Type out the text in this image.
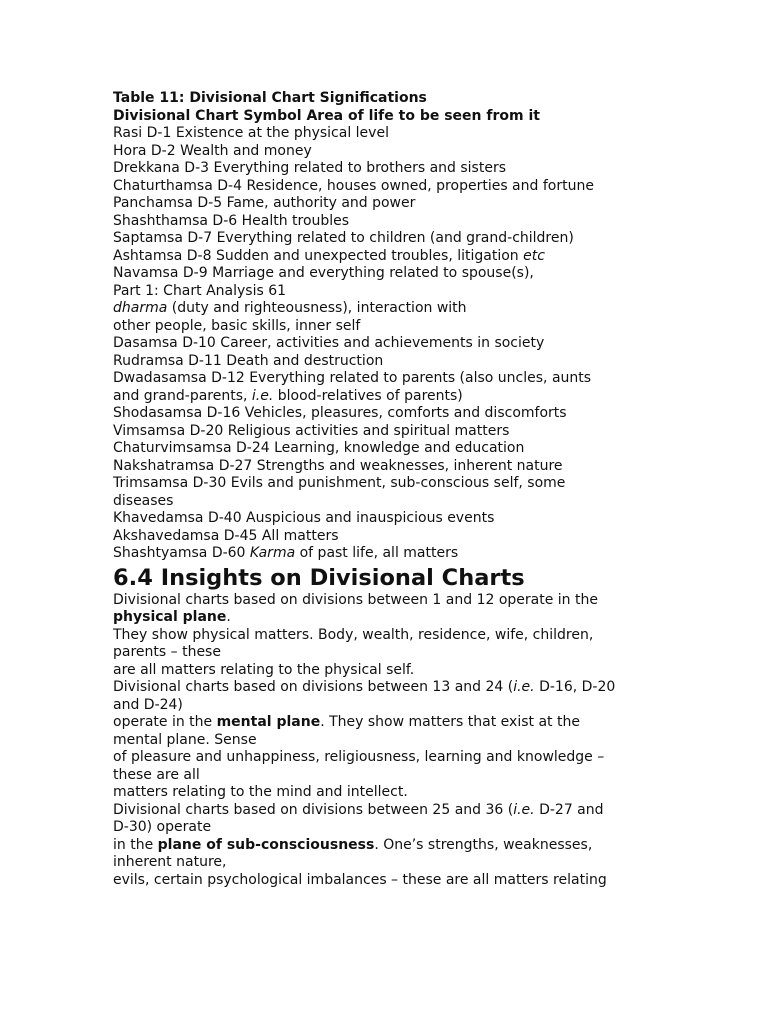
Table 11: Divisional Chart Significations
Divisional Chart Symbol Area of life to be seen from it
Rasi D-1 Existence at the physical level
Hora D-2 Wealth and money
Drekkana D-3 Everything related to brothers and sisters
Chaturthamsa D-4 Residence, houses owned, properties and fortune
Panchamsa D-5 Fame, authority and power
Shashthamsa D-6 Health troubles
Saptamsa D-7 Everything related to children (and grand-children)
Ashtamsa D-8 Sudden and unexpected troubles, litigation etc
Navamsa D-9 Marriage and everything related to spouse(s),
Part 1: Chart Analysis 61
dharma (duty and righteousness), interaction with
other people, basic skills, inner self
Dasamsa D-10 Career, activities and achievements in society
Rudramsa D-11 Death and destruction
Dwadasamsa D-12 Everything related to parents (also uncles, aunts
and grand-parents, i.e. blood-relatives of parents)
Shodasamsa D-16 Vehicles, pleasures, comforts and discomforts
Vimsamsa D-20 Religious activities and spiritual matters
Chaturvimsamsa D-24 Learning, knowledge and education
Nakshatramsa D-27 Strengths and weaknesses, inherent nature
Trimsamsa D-30 Evils and punishment, sub-conscious self, some
diseases
Khavedamsa D-40 Auspicious and inauspicious events
Akshavedamsa D-45 All matters
Shashtyamsa D-60 Karma of past life, all matters
6.4 Insights on Divisional Charts
Divisional charts based on divisions between 1 and 12 operate in the
physical plane.
They show physical matters. Body, wealth, residence, wife, children,
parents – these
are all matters relating to the physical self.
Divisional charts based on divisions between 13 and 24 (i.e. D-16, D-20
and D-24)
operate in the mental plane. They show matters that exist at the
mental plane. Sense
of pleasure and unhappiness, religiousness, learning and knowledge –
these are all
matters relating to the mind and intellect.
Divisional charts based on divisions between 25 and 36 (i.e. D-27 and
D-30) operate
in the plane of sub-consciousness. One’s strengths, weaknesses,
inherent nature,
evils, certain psychological imbalances – these are all matters relating
